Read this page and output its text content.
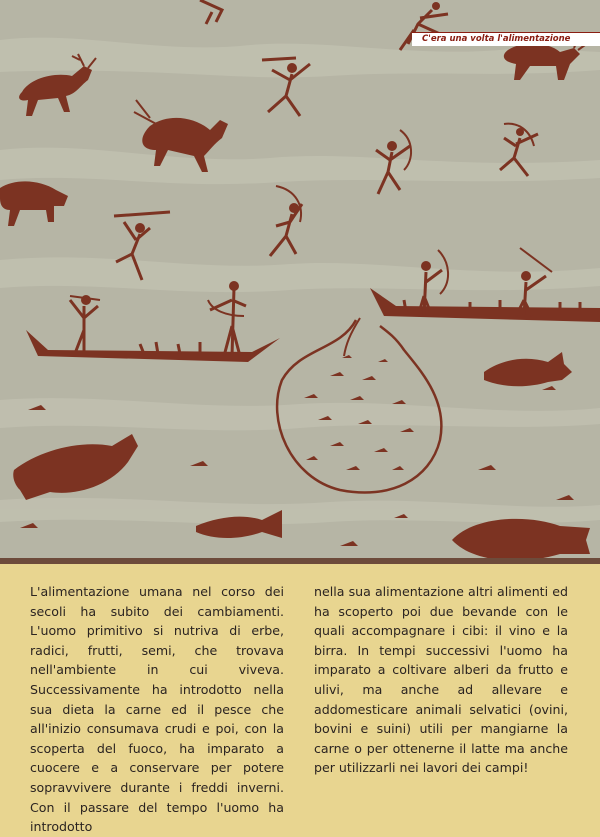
C'era una volta l'alimentazione

L'alimentazione umana nel corso dei secoli ha subito dei cambiamenti. L'uomo primitivo si nutriva di erbe, radici, frutti, semi, che trovava nell'ambiente in cui viveva. Successivamente ha introdotto nella sua dieta la carne ed il pesce che all'inizio consumava crudi e poi, con la scoperta del fuoco, ha imparato a cuocere e a conservare per potere sopravvivere durante i freddi inverni. Con il passare del tempo l'uomo ha introdotto

nella sua alimentazione altri alimenti ed ha scoperto poi due bevande con le quali accompagnare i cibi: il vino e la birra. In tempi successivi l'uomo ha imparato a coltivare alberi da frutto e ulivi, ma anche ad allevare e addomesticare animali selvatici (ovini, bovini e suini) utili per mangiarne la carne o per ottenerne il latte ma anche per utilizzarli nei lavori dei campi!
